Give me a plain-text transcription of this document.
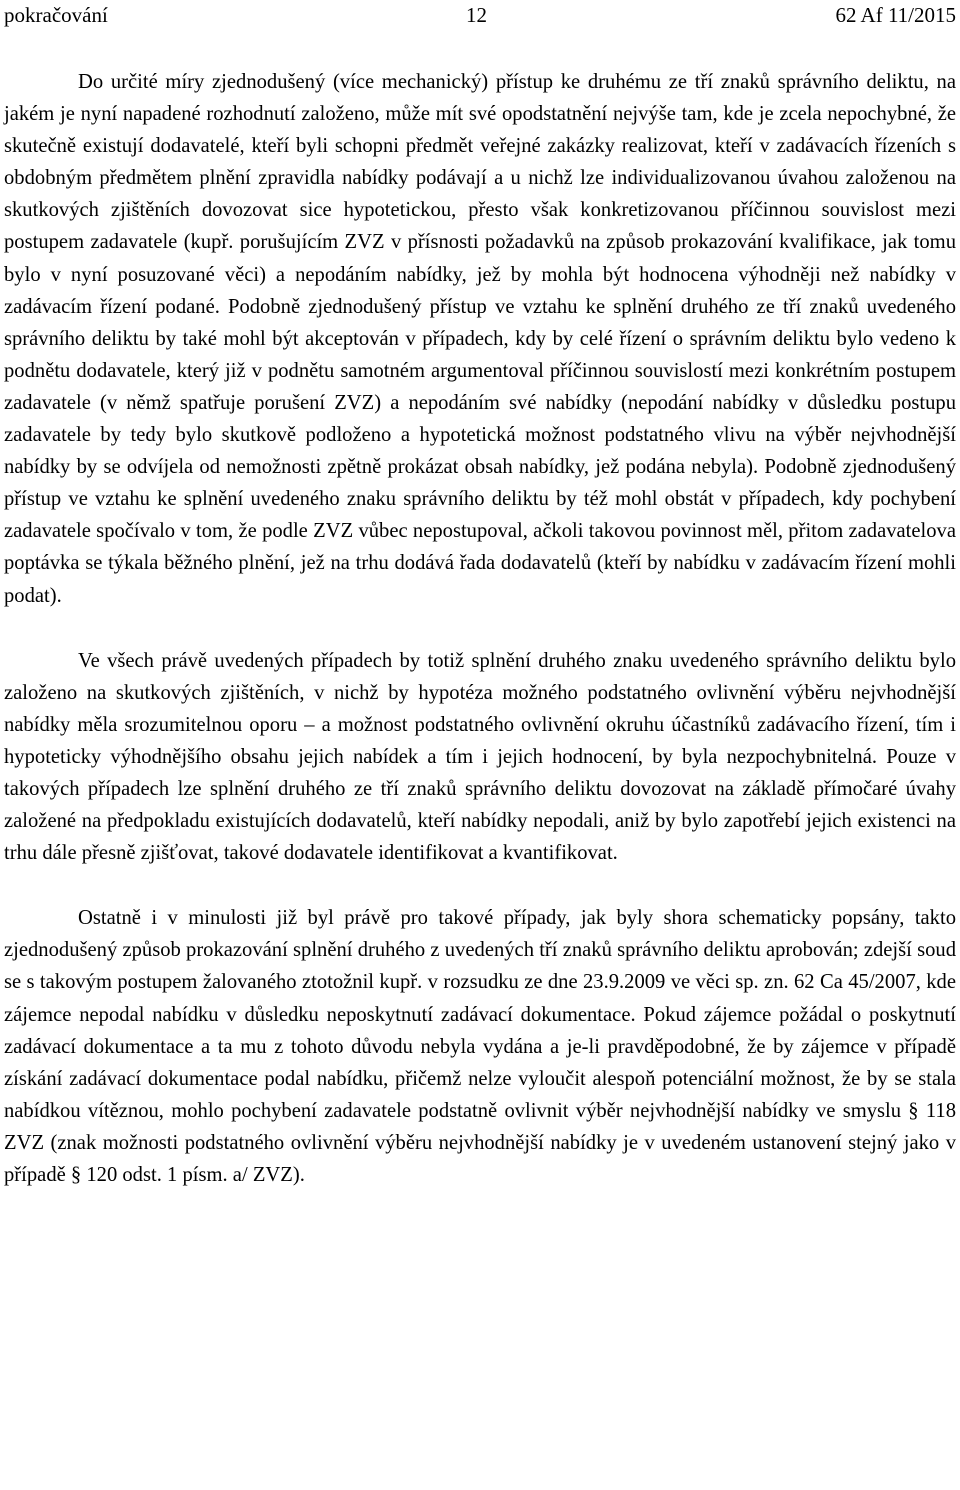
pokračování	12	62 Af 11/2015

Do určité míry zjednodušený (více mechanický) přístup ke druhému ze tří znaků správního deliktu, na jakém je nyní napadené rozhodnutí založeno, může mít své opodstatnění nejvýše tam, kde je zcela nepochybné, že skutečně existují dodavatelé, kteří byli schopni předmět veřejné zakázky realizovat, kteří v zadávacích řízeních s obdobným předmětem plnění zpravidla nabídky podávají a u nichž lze individualizovanou úvahou založenou na skutkových zjištěních dovozovat sice hypotetickou, přesto však konkretizovanou příčinnou souvislost mezi postupem zadavatele (kupř. porušujícím ZVZ v přísnosti požadavků na způsob prokazování kvalifikace, jak tomu bylo v nyní posuzované věci) a nepodáním nabídky, jež by mohla být hodnocena výhodněji než nabídky v zadávacím řízení podané. Podobně zjednodušený přístup ve vztahu ke splnění druhého ze tří znaků uvedeného správního deliktu by také mohl být akceptován v případech, kdy by celé řízení o správním deliktu bylo vedeno k podnětu dodavatele, který již v podnětu samotném argumentoval příčinnou souvislostí mezi konkrétním postupem zadavatele (v němž spatřuje porušení ZVZ) a nepodáním své nabídky (nepodání nabídky v důsledku postupu zadavatele by tedy bylo skutkově podloženo a hypotetická možnost podstatného vlivu na výběr nejvhodnější nabídky by se odvíjela od nemožnosti zpětně prokázat obsah nabídky, jež podána nebyla). Podobně zjednodušený přístup ve vztahu ke splnění uvedeného znaku správního deliktu by též mohl obstát v případech, kdy pochybení zadavatele spočívalo v tom, že podle ZVZ vůbec nepostupoval, ačkoli takovou povinnost měl, přitom zadavatelova poptávka se týkala běžného plnění, jež na trhu dodává řada dodavatelů (kteří by nabídku v zadávacím řízení mohli podat).

Ve všech právě uvedených případech by totiž splnění druhého znaku uvedeného správního deliktu bylo založeno na skutkových zjištěních, v nichž by hypotéza možného podstatného ovlivnění výběru nejvhodnější nabídky měla srozumitelnou oporu – a možnost podstatného ovlivnění okruhu účastníků zadávacího řízení, tím i hypoteticky výhodnějšího obsahu jejich nabídek a tím i jejich hodnocení, by byla nezpochybnitelná. Pouze v takových případech lze splnění druhého ze tří znaků správního deliktu dovozovat na základě přímočaré úvahy založené na předpokladu existujících dodavatelů, kteří nabídky nepodali, aniž by bylo zapotřebí jejich existenci na trhu dále přesně zjišťovat, takové dodavatele identifikovat a kvantifikovat.

Ostatně i v minulosti již byl právě pro takové případy, jak byly shora schematicky popsány, takto zjednodušený způsob prokazování splnění druhého z uvedených tří znaků správního deliktu aprobován; zdejší soud se s takovým postupem žalovaného ztotožnil kupř. v rozsudku ze dne 23.9.2009 ve věci sp. zn. 62 Ca 45/2007, kde zájemce nepodal nabídku v důsledku neposkytnutí zadávací dokumentace. Pokud zájemce požádal o poskytnutí zadávací dokumentace a ta mu z tohoto důvodu nebyla vydána a je-li pravděpodobné, že by zájemce v případě získání zadávací dokumentace podal nabídku, přičemž nelze vyloučit alespoň potenciální možnost, že by se stala nabídkou vítěznou, mohlo pochybení zadavatele podstatně ovlivnit výběr nejvhodnější nabídky ve smyslu § 118 ZVZ (znak možnosti podstatného ovlivnění výběru nejvhodnější nabídky je v uvedeném ustanovení stejný jako v případě § 120 odst. 1 písm. a/ ZVZ).
